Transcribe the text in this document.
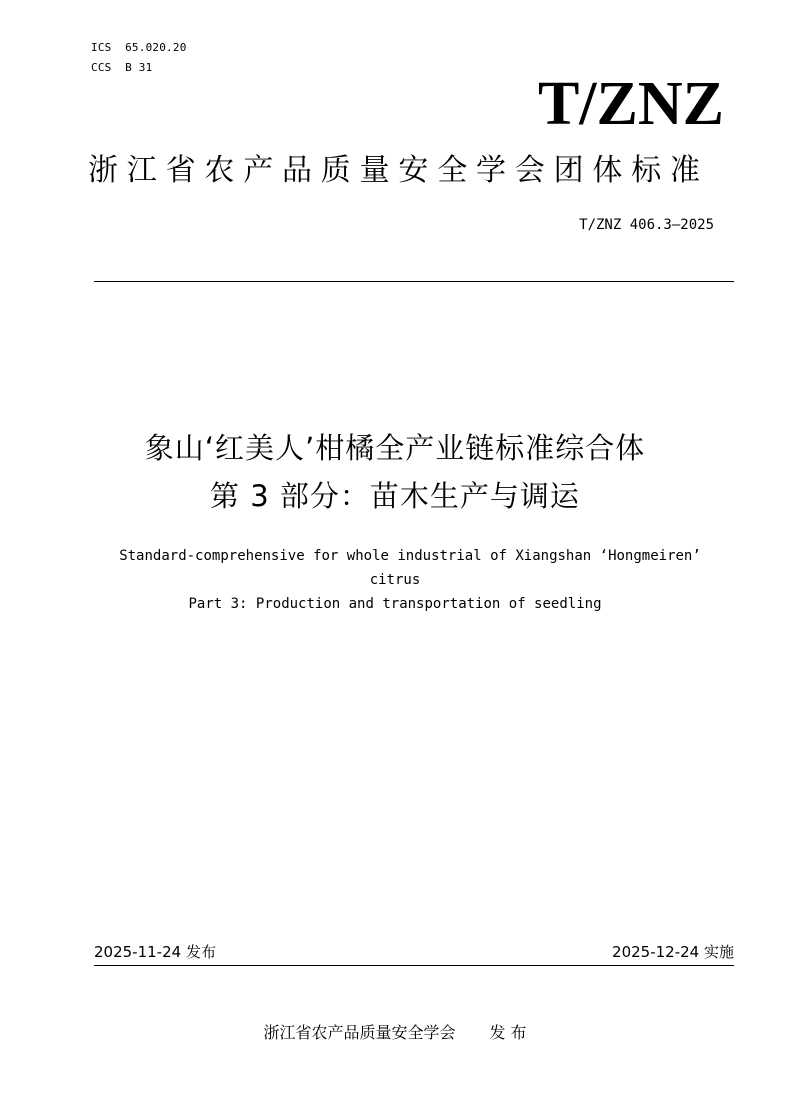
ICS  65.020.20
CCS  B 31
T/ZNZ
浙江省农产品质量安全学会团体标准
T/ZNZ 406.3—2025
象山‘红美人’柑橘全产业链标准综合体
第 3 部分：苗木生产与调运
Standard-comprehensive for whole industrial of Xiangshan ‘Hongmeiren’
citrus
Part 3: Production and transportation of seedling
2025-11-24 发布	2025-12-24 实施
浙江省农产品质量安全学会 发 布
